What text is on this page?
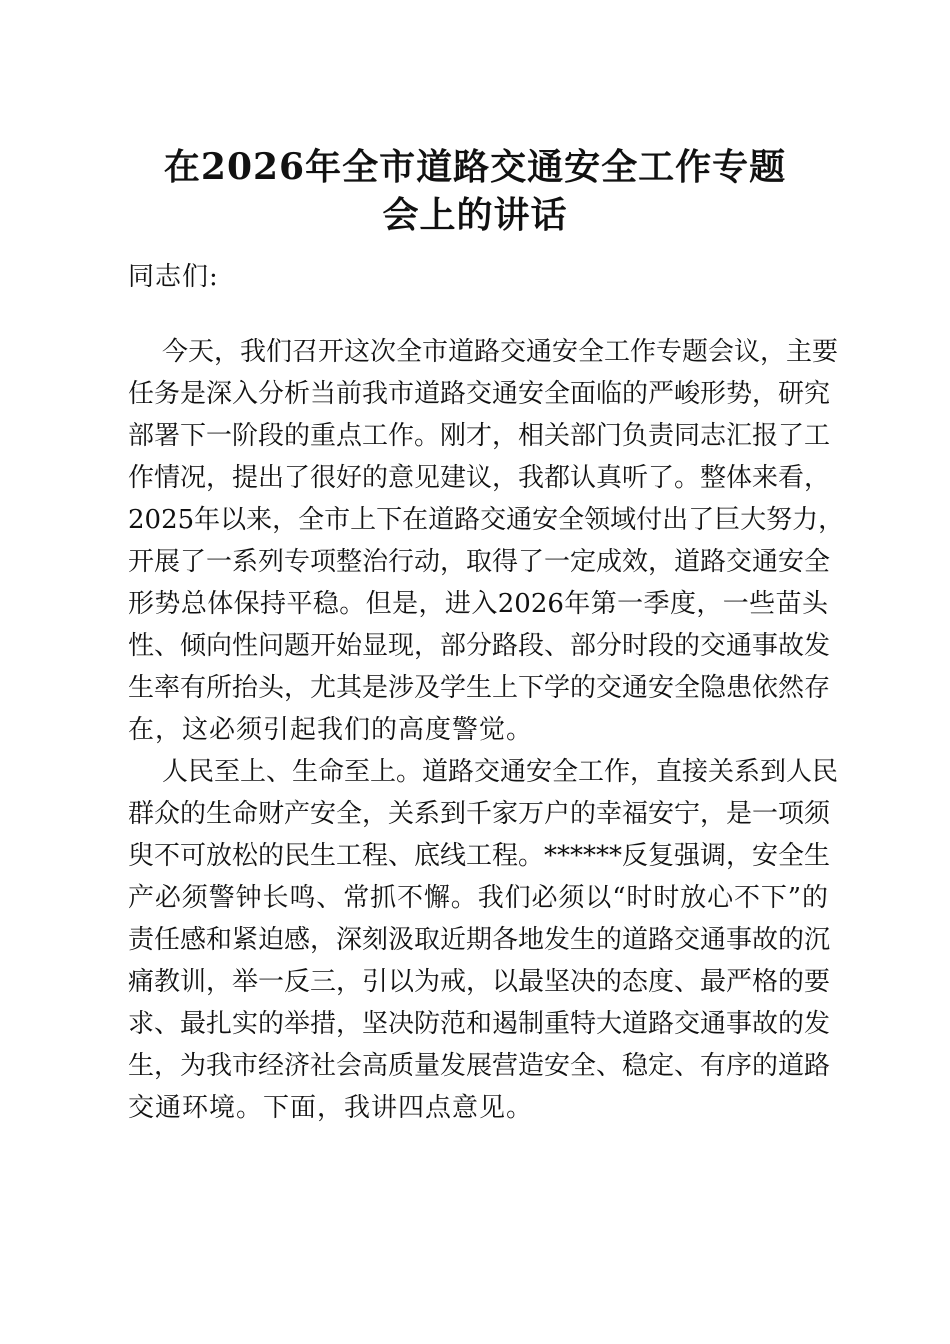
在2026年全市道路交通安全工作专题
会上的讲话

同志们:

今天，我们召开这次全市道路交通安全工作专题会议，主要

任务是深入分析当前我市道路交通安全面临的严峻形势，研究

部署下一阶段的重点工作。刚才，相关部门负责同志汇报了工

作情况，提出了很好的意见建议，我都认真听了。整体来看，

2025年以来，全市上下在道路交通安全领域付出了巨大努力，

开展了一系列专项整治行动，取得了一定成效，道路交通安全

形势总体保持平稳。但是，进入2026年第一季度，一些苗头

性、倾向性问题开始显现，部分路段、部分时段的交通事故发

生率有所抬头，尤其是涉及学生上下学的交通安全隐患依然存

在，这必须引起我们的高度警觉。

人民至上、生命至上。道路交通安全工作，直接关系到人民

群众的生命财产安全，关系到千家万户的幸福安宁，是一项须

臾不可放松的民生工程、底线工程。******反复强调，安全生

产必须警钟长鸣、常抓不懈。我们必须以“时时放心不下”的

责任感和紧迫感，深刻汲取近期各地发生的道路交通事故的沉

痛教训，举一反三，引以为戒，以最坚决的态度、最严格的要

求、最扎实的举措，坚决防范和遏制重特大道路交通事故的发

生，为我市经济社会高质量发展营造安全、稳定、有序的道路

交通环境。下面，我讲四点意见。
